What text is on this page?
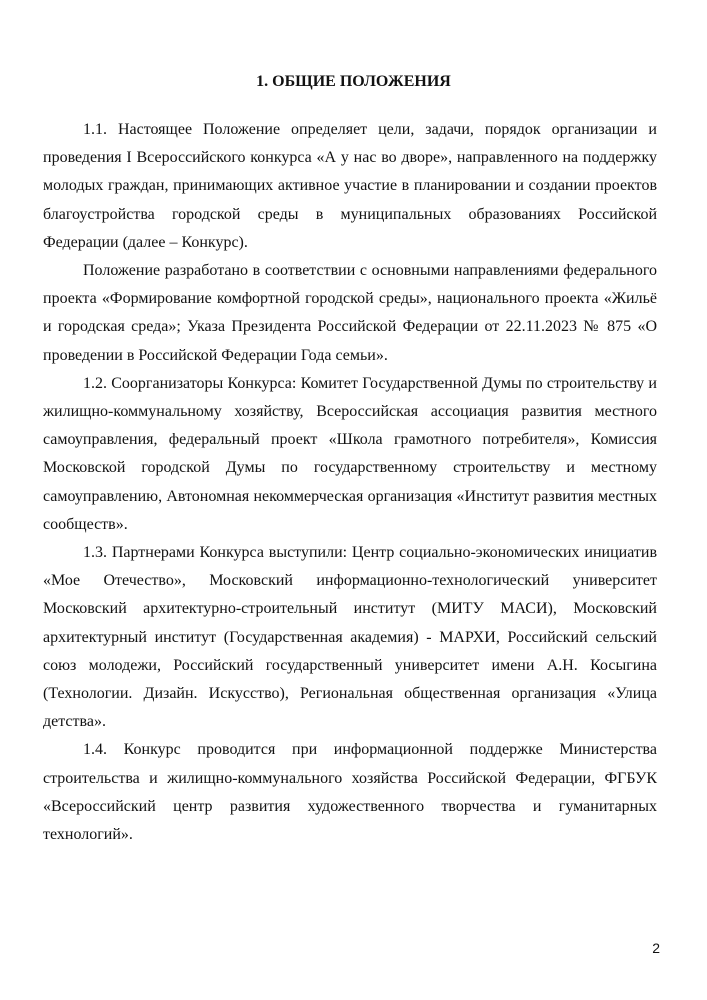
1. ОБЩИЕ ПОЛОЖЕНИЯ

1.1. Настоящее Положение определяет цели, задачи, порядок организации и проведения I Всероссийского конкурса «А у нас во дворе», направленного на поддержку молодых граждан, принимающих активное участие в планировании и создании проектов благоустройства городской среды в муниципальных образованиях Российской Федерации (далее – Конкурс).

Положение разработано в соответствии с основными направлениями федерального проекта «Формирование комфортной городской среды», национального проекта «Жильё и городская среда»; Указа Президента Российской Федерации от 22.11.2023 № 875 «О проведении в Российской Федерации Года семьи».

1.2. Соорганизаторы Конкурса: Комитет Государственной Думы по строительству и жилищно-коммунальному хозяйству, Всероссийская ассоциация развития местного самоуправления, федеральный проект «Школа грамотного потребителя», Комиссия Московской городской Думы по государственному строительству и местному самоуправлению, Автономная некоммерческая организация «Институт развития местных сообществ».

1.3. Партнерами Конкурса выступили: Центр социально-экономических инициатив «Мое Отечество», Московский информационно-технологический университет Московский архитектурно-строительный институт (МИТУ МАСИ), Московский архитектурный институт (Государственная академия) - МАРХИ, Российский сельский союз молодежи, Российский государственный университет имени А.Н. Косыгина (Технологии. Дизайн. Искусство), Региональная общественная организация «Улица детства».

1.4. Конкурс проводится при информационной поддержке Министерства строительства и жилищно-коммунального хозяйства Российской Федерации, ФГБУК «Всероссийский центр развития художественного творчества и гуманитарных технологий».

2
